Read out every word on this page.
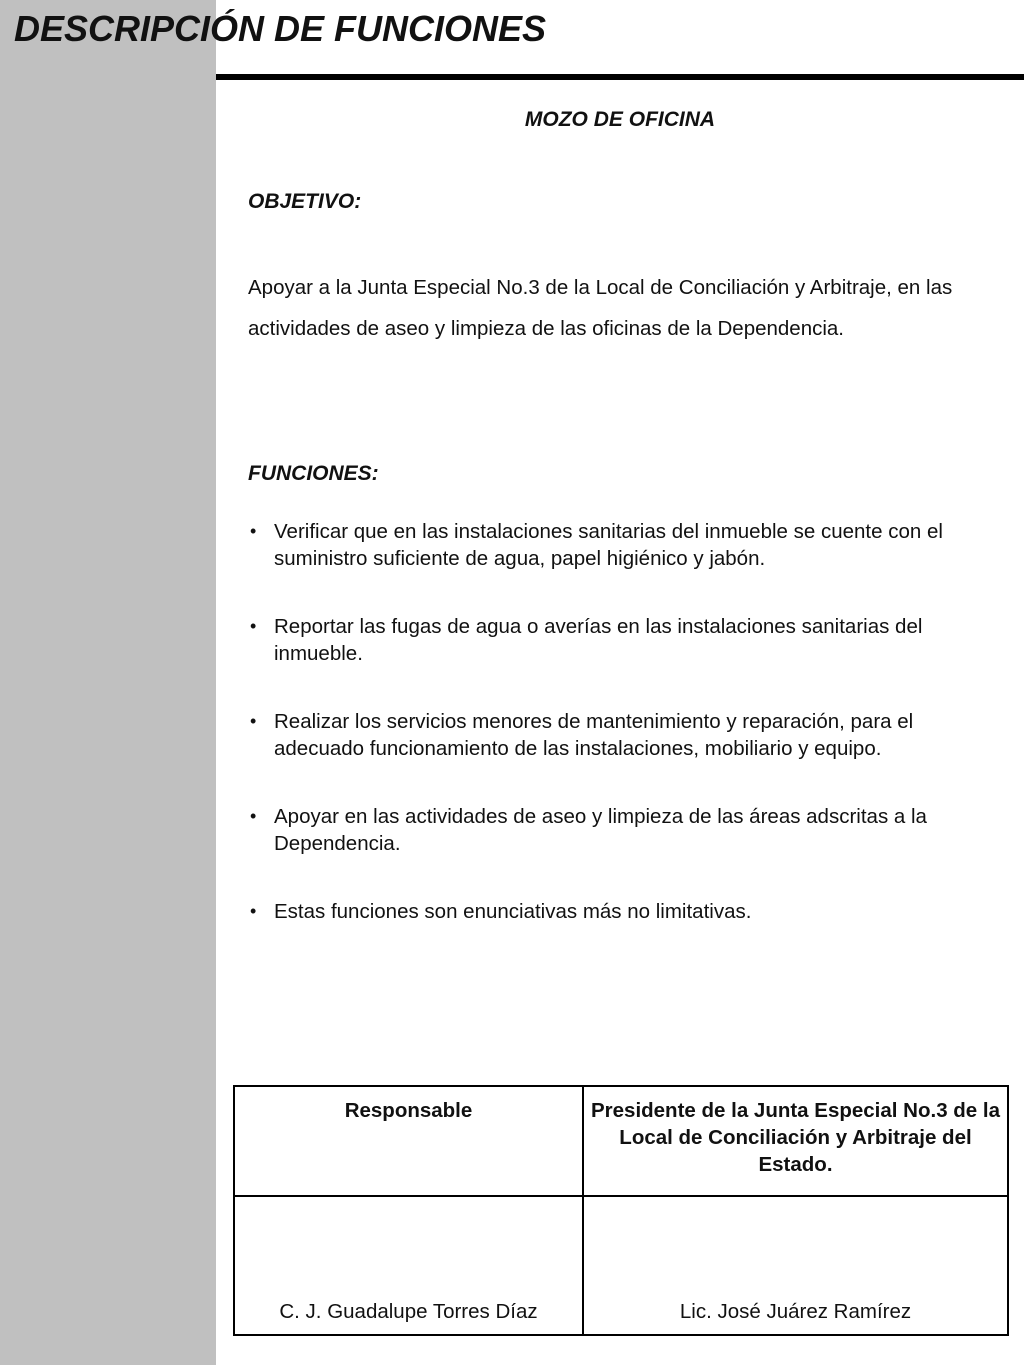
DESCRIPCIÓN DE FUNCIONES
MOZO DE OFICINA
OBJETIVO:

Apoyar a la Junta Especial No.3 de la Local de Conciliación y Arbitraje, en las actividades de aseo y limpieza de las oficinas de la Dependencia.

FUNCIONES:
• Verificar que en las instalaciones sanitarias del inmueble se cuente con el suministro suficiente de agua, papel higiénico y jabón.
• Reportar las fugas de agua o averías en las instalaciones sanitarias del inmueble.
• Realizar los servicios menores de mantenimiento y reparación, para el adecuado funcionamiento de las instalaciones, mobiliario y equipo.
• Apoyar en las actividades de aseo y limpieza de las áreas adscritas a la Dependencia.
• Estas funciones son enunciativas más no limitativas.
Responsable	Presidente de la Junta Especial No.3 de la Local de Conciliación y Arbitraje del Estado.
C. J. Guadalupe Torres Díaz	Lic. José Juárez Ramírez
